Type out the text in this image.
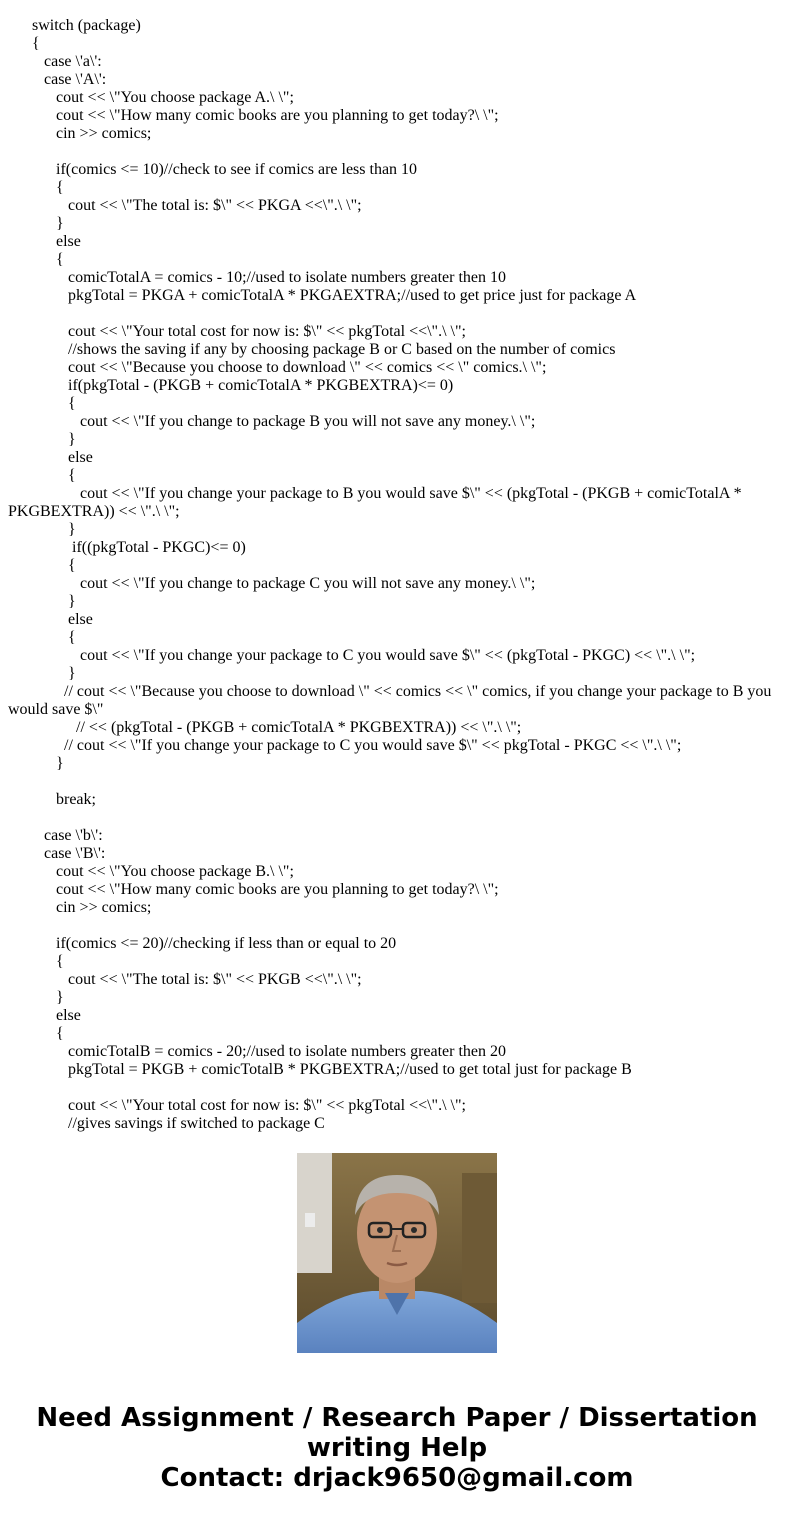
switch (package)
{
case \'a\':
case \'A\':
cout << \"You choose package A.\ \";
cout << \"How many comic books are you planning to get today?\ \";
cin >> comics;
if(comics <= 10)//check to see if comics are less than 10
{
cout << \"The total is: $\" << PKGA <<\".\ \";
}
else
{
comicTotalA = comics - 10;//used to isolate numbers greater then 10
pkgTotal = PKGA + comicTotalA * PKGAEXTRA;//used to get price just for package A
cout << \"Your total cost for now is: $\" << pkgTotal <<\".\ \";
//shows the saving if any by choosing package B or C based on the number of comics
cout << \"Because you choose to download \" << comics << \" comics.\ \";
if(pkgTotal - (PKGB + comicTotalA * PKGBEXTRA)<= 0)
{
cout << \"If you change to package B you will not save any money.\ \";
}
else
{
cout << \"If you change your package to B you would save $\" << (pkgTotal - (PKGB + comicTotalA * PKGBEXTRA)) << \".\ \";
}
if((pkgTotal - PKGC)<= 0)
{
cout << \"If you change to package C you will not save any money.\ \";
}
else
{
cout << \"If you change your package to C you would save $\" << (pkgTotal - PKGC) << \".\ \";
}
// cout << \"Because you choose to download \" << comics << \" comics, if you change your package to B you would save $\"
// << (pkgTotal - (PKGB + comicTotalA * PKGBEXTRA)) << \".\ \";
// cout << \"If you change your package to C you would save $\" << pkgTotal - PKGC << \".\ \";
}
break;
case \'b\':
case \'B\':
cout << \"You choose package B.\ \";
cout << \"How many comic books are you planning to get today?\ \";
cin >> comics;
if(comics <= 20)//checking if less than or equal to 20
{
cout << \"The total is: $\" << PKGB <<\".\ \";
}
else
{
comicTotalB = comics - 20;//used to isolate numbers greater then 20
pkgTotal = PKGB + comicTotalB * PKGBEXTRA;//used to get total just for package B
cout << \"Your total cost for now is: $\" << pkgTotal <<\".\ \";
//gives savings if switched to package C
Need Assignment / Research Paper / Dissertation
writing Help
Contact: drjack9650@gmail.com
